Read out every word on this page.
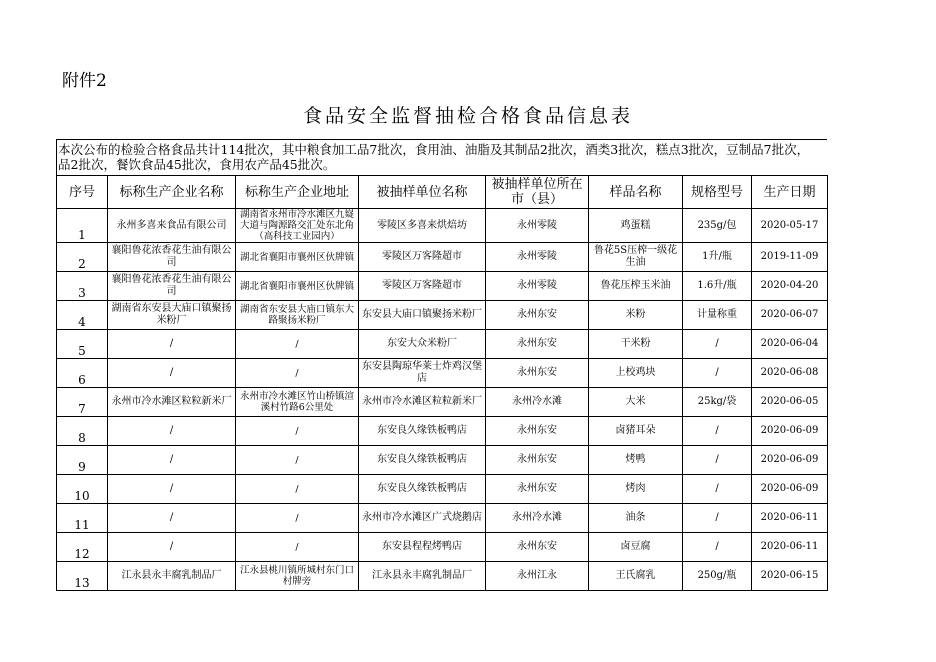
附件2
食品安全监督抽检合格食品信息表
本次公布的检验合格食品共计114批次，其中粮食加工品7批次，食用油、油脂及其制品2批次，酒类3批次，糕点3批次，豆制品7批次，
品2批次，餐饮食品45批次，食用农产品45批次。
序号	标称生产企业名称	标称生产企业地址	被抽样单位名称	被抽样单位所在市（县）	样品名称	规格型号	生产日期
1	永州多喜来食品有限公司	湖南省永州市冷水滩区九嶷大道与陶源路交汇处东北角（高科技工业园内）	零陵区多喜来烘焙坊	永州零陵	鸡蛋糕	235g/包	2020-05-17
2	襄阳鲁花浓香花生油有限公司	湖北省襄阳市襄州区伙牌镇	零陵区万客隆超市	永州零陵	鲁花5S压榨一级花生油	1升/瓶	2019-11-09
3	襄阳鲁花浓香花生油有限公司	湖北省襄阳市襄州区伙牌镇	零陵区万客隆超市	永州零陵	鲁花压榨玉米油	1.6升/瓶	2020-04-20
4	湖南省东安县大庙口镇聚扬米粉厂	湖南省东安县大庙口镇东大路聚扬米粉厂	东安县大庙口镇聚扬米粉厂	永州东安	米粉	计量称重	2020-06-07
5	/	/	东安大众米粉厂	永州东安	干米粉	/	2020-06-04
6	/	/	东安县陶琼华莱士炸鸡汉堡店	永州东安	上校鸡块	/	2020-06-08
7	永州市冷水滩区粒粒新米厂	永州市冷水滩区竹山桥镇渲溪村竹路6公里处	永州市冷水滩区粒粒新米厂	永州冷水滩	大米	25kg/袋	2020-06-05
8	/	/	东安良久缘铁板鸭店	永州东安	卤猪耳朵	/	2020-06-09
9	/	/	东安良久缘铁板鸭店	永州东安	烤鸭	/	2020-06-09
10	/	/	东安良久缘铁板鸭店	永州东安	烤肉	/	2020-06-09
11	/	/	永州市冷水滩区广式烧鹅店	永州冷水滩	油条	/	2020-06-11
12	/	/	东安县程程烤鸭店	永州东安	卤豆腐	/	2020-06-11
13	江永县永丰腐乳制品厂	江永县桃川镇所城村东门口村牌旁	江永县永丰腐乳制品厂	永州江永	王氏腐乳	250g/瓶	2020-06-15
